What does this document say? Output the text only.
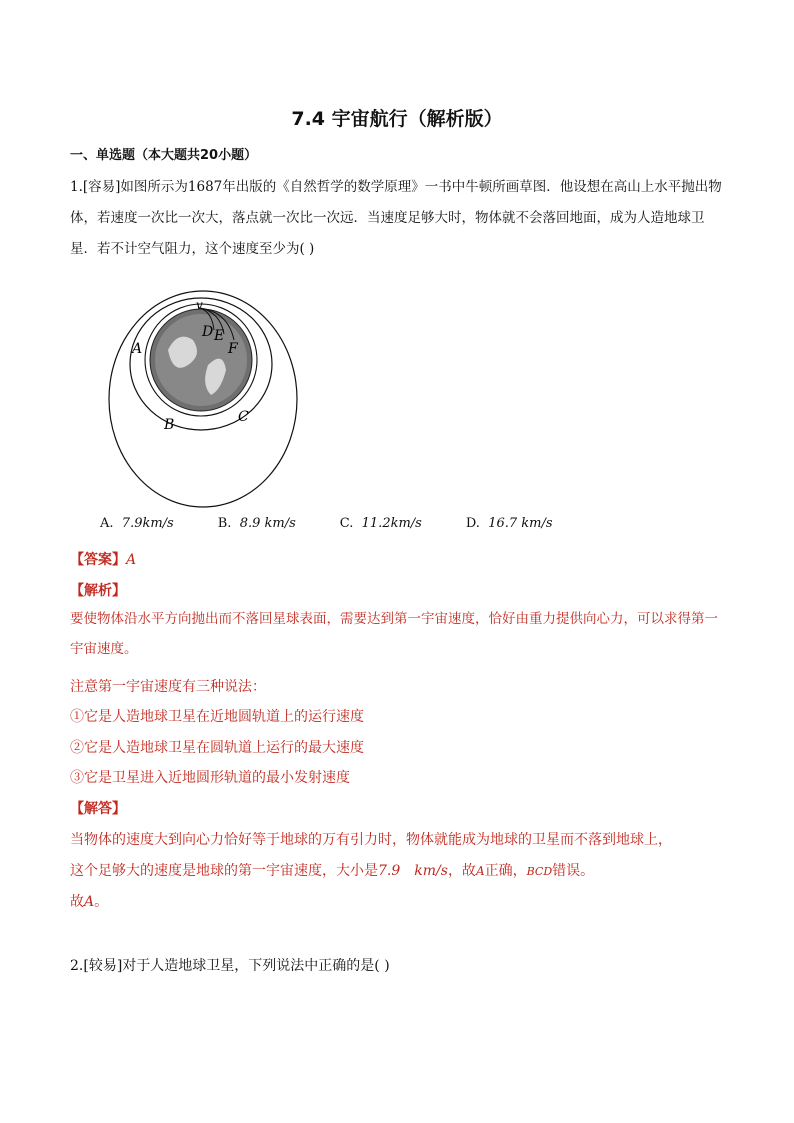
7.4 宇宙航行（解析版）
一、单选题（本大题共20小题）
1.[容易]如图所示为1687年出版的《自然哲学的数学原理》一书中牛顿所画草图．他设想在高山上水平抛出物体，若速度一次比一次大，落点就一次比一次远．当速度足够大时，物体就不会落回地面，成为人造地球卫星．若不计空气阻力，这个速度至少为( )
v
D E
F
A
B	C
A. 7.9km/s	B. 8.9 km/s	C. 11.2km/s	D. 16.7 km/s
【答案】A
【解析】
要使物体沿水平方向抛出而不落回星球表面，需要达到第一宇宙速度，恰好由重力提供向心力，可以求得第一宇宙速度。
注意第一宇宙速度有三种说法：
①它是人造地球卫星在近地圆轨道上的运行速度
②它是人造地球卫星在圆轨道上运行的最大速度
③它是卫星进入近地圆形轨道的最小发射速度
【解答】
当物体的速度大到向心力恰好等于地球的万有引力时，物体就能成为地球的卫星而不落到地球上，
这个足够大的速度是地球的第一宇宙速度，大小是7.9　km/s，故A正确，BCD错误。
故A。
2.[较易]对于人造地球卫星，下列说法中正确的是( )
